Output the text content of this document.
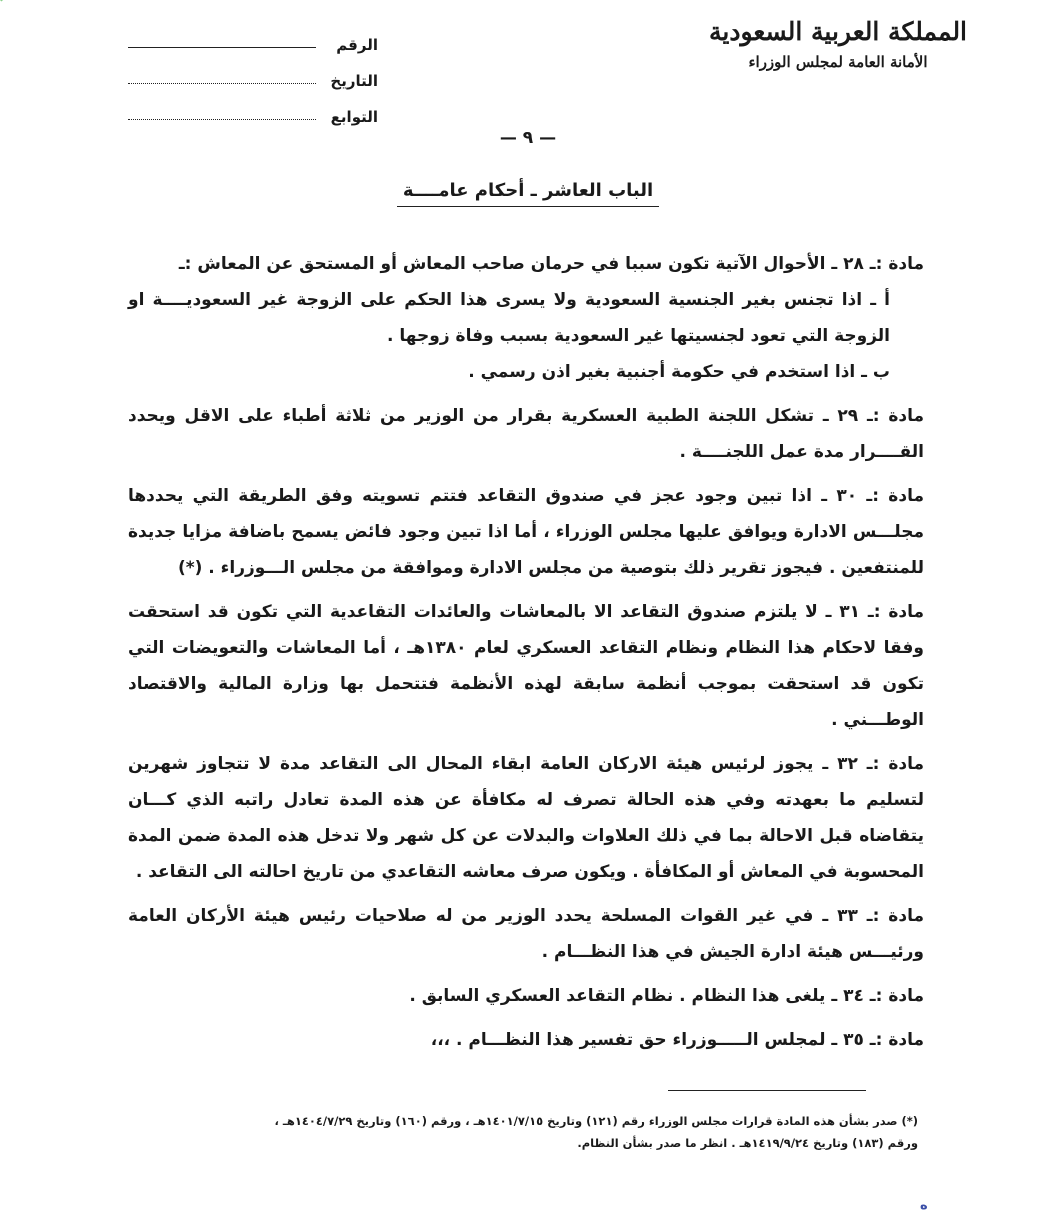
المملكة العربية السعودية
الأمانة العامة لمجلس الوزراء
الرقم
التاريخ
التوابع
— ٩ —
الباب العاشر ـ أحكام عامــــة

مادة :ـ ٢٨ ـ الأحوال الآتية تكون سببا في حرمان صاحب المعاش أو المستحق عن المعاش :ـ

أ ـ اذا تجنس بغير الجنسية السعودية ولا يسرى هذا الحكم على الزوجة غير السعوديــــة او الزوجة التي تعود لجنسيتها غير السعودية بسبب وفاة زوجها .

ب ـ اذا استخدم في حكومة أجنبية بغير اذن رسمي .

مادة :ـ ٢٩ ـ تشكل اللجنة الطبية العسكرية بقرار من الوزير من ثلاثة أطباء على الاقل ويحدد القــــرار مدة عمل اللجنــــة .

مادة :ـ ٣٠ ـ اذا تبين وجود عجز في صندوق التقاعد فتتم تسويته وفق الطريقة التي يحددها مجلـــس الادارة ويوافق عليها مجلس الوزراء ، أما اذا تبين وجود فائض يسمح باضافة مزايا جديدة للمنتفعين . فيجوز تقرير ذلك بتوصية من مجلس الادارة وموافقة من مجلس الـــوزراء . (*)

مادة :ـ ٣١ ـ لا يلتزم صندوق التقاعد الا بالمعاشات والعائدات التقاعدية التي تكون قد استحقت وفقا لاحكام هذا النظام ونظام التقاعد العسكري لعام ١٣٨٠هـ ، أما المعاشات والتعويضات التي تكون قد استحقت بموجب أنظمة سابقة لهذه الأنظمة فتتحمل بها وزارة المالية والاقتصاد الوطـــني .

مادة :ـ ٣٢ ـ يجوز لرئيس هيئة الاركان العامة ابقاء المحال الى التقاعد مدة لا تتجاوز شهرين لتسليم ما بعهدته وفي هذه الحالة تصرف له مكافأة عن هذه المدة تعادل راتبه الذي كـــان يتقاضاه قبل الاحالة بما في ذلك العلاوات والبدلات عن كل شهر ولا تدخل هذه المدة ضمن المدة المحسوبة في المعاش أو المكافأة . ويكون صرف معاشه التقاعدي من تاريخ احالته الى التقاعد .

مادة :ـ ٣٣ ـ في غير القوات المسلحة يحدد الوزير من له صلاحيات رئيس هيئة الأركان العامة ورئيـــس هيئة ادارة الجيش في هذا النظـــام .

مادة :ـ ٣٤ ـ يلغى هذا النظام . نظام التقاعد العسكري السابق .

مادة :ـ ٣٥ ـ لمجلس الـــــوزراء حق تفسير هذا النظـــام . ،،،

(*) صدر بشأن هذه المادة قرارات مجلس الوزراء رقم (١٢١) وتاريخ ١٤٠١/٧/١٥هـ ، ورقم (١٦٠) وتاريخ ١٤٠٤/٧/٢٩هـ ،
ورقم (١٨٣) وتاريخ ١٤١٩/٩/٢٤هـ . انظر ما صدر بشأن النظام.
ه
